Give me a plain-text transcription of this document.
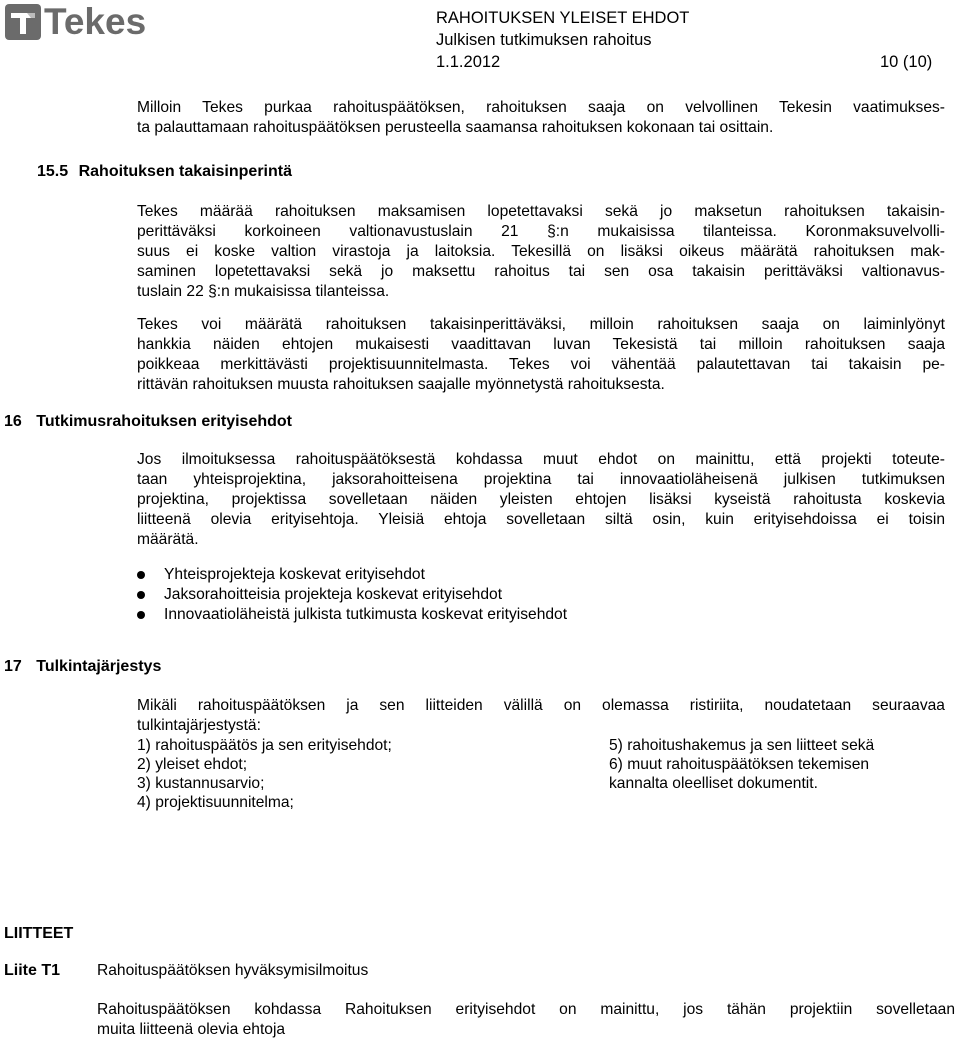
Tekes	RAHOITUKSEN YLEISET EHDOT
Julkisen tutkimuksen rahoitus
1.1.2012	10 (10)
Milloin Tekes purkaa rahoituspäätöksen, rahoituksen saaja on velvollinen Tekesin vaatimukses-
ta palauttamaan rahoituspäätöksen perusteella saamansa rahoituksen kokonaan tai osittain.
15.5 Rahoituksen takaisinperintä
Tekes määrää rahoituksen maksamisen lopetettavaksi sekä jo maksetun rahoituksen takaisin-
perittäväksi korkoineen valtionavustuslain 21 §:n mukaisissa tilanteissa. Koronmaksuvelvolli-
suus ei koske valtion virastoja ja laitoksia. Tekesillä on lisäksi oikeus määrätä rahoituksen mak-
saminen lopetettavaksi sekä jo maksettu rahoitus tai sen osa takaisin perittäväksi valtionavus-
tuslain 22 §:n mukaisissa tilanteissa.
Tekes voi määrätä rahoituksen takaisinperittäväksi, milloin rahoituksen saaja on laiminlyönyt
hankkia näiden ehtojen mukaisesti vaadittavan luvan Tekesistä tai milloin rahoituksen saaja
poikkeaa merkittävästi projektisuunnitelmasta. Tekes voi vähentää palautettavan tai takaisin pe-
rittävän rahoituksen muusta rahoituksen saajalle myönnetystä rahoituksesta.
16 Tutkimusrahoituksen erityisehdot
Jos ilmoituksessa rahoituspäätöksestä kohdassa muut ehdot on mainittu, että projekti toteute-
taan yhteisprojektina, jaksorahoitteisena projektina tai innovaatioläheisenä julkisen tutkimuksen
projektina, projektissa sovelletaan näiden yleisten ehtojen lisäksi kyseistä rahoitusta koskevia
liitteenä olevia erityisehtoja. Yleisiä ehtoja sovelletaan siltä osin, kuin erityisehdoissa ei toisin
määrätä.
Yhteisprojekteja koskevat erityisehdot
Jaksorahoitteisia projekteja koskevat erityisehdot
Innovaatioläheistä julkista tutkimusta koskevat erityisehdot
17 Tulkintajärjestys
Mikäli rahoituspäätöksen ja sen liitteiden välillä on olemassa ristiriita, noudatetaan seuraavaa
tulkintajärjestystä:
1) rahoituspäätös ja sen erityisehdot;
2) yleiset ehdot;
3) kustannusarvio;
4) projektisuunnitelma;
5) rahoitushakemus ja sen liitteet sekä
6) muut rahoituspäätöksen tekemisen
kannalta oleelliset dokumentit.
LIITTEET
Liite T1 Rahoituspäätöksen hyväksymisilmoitus
Rahoituspäätöksen kohdassa Rahoituksen erityisehdot on mainittu, jos tähän projektiin sovelletaan
muita liitteenä olevia ehtoja
